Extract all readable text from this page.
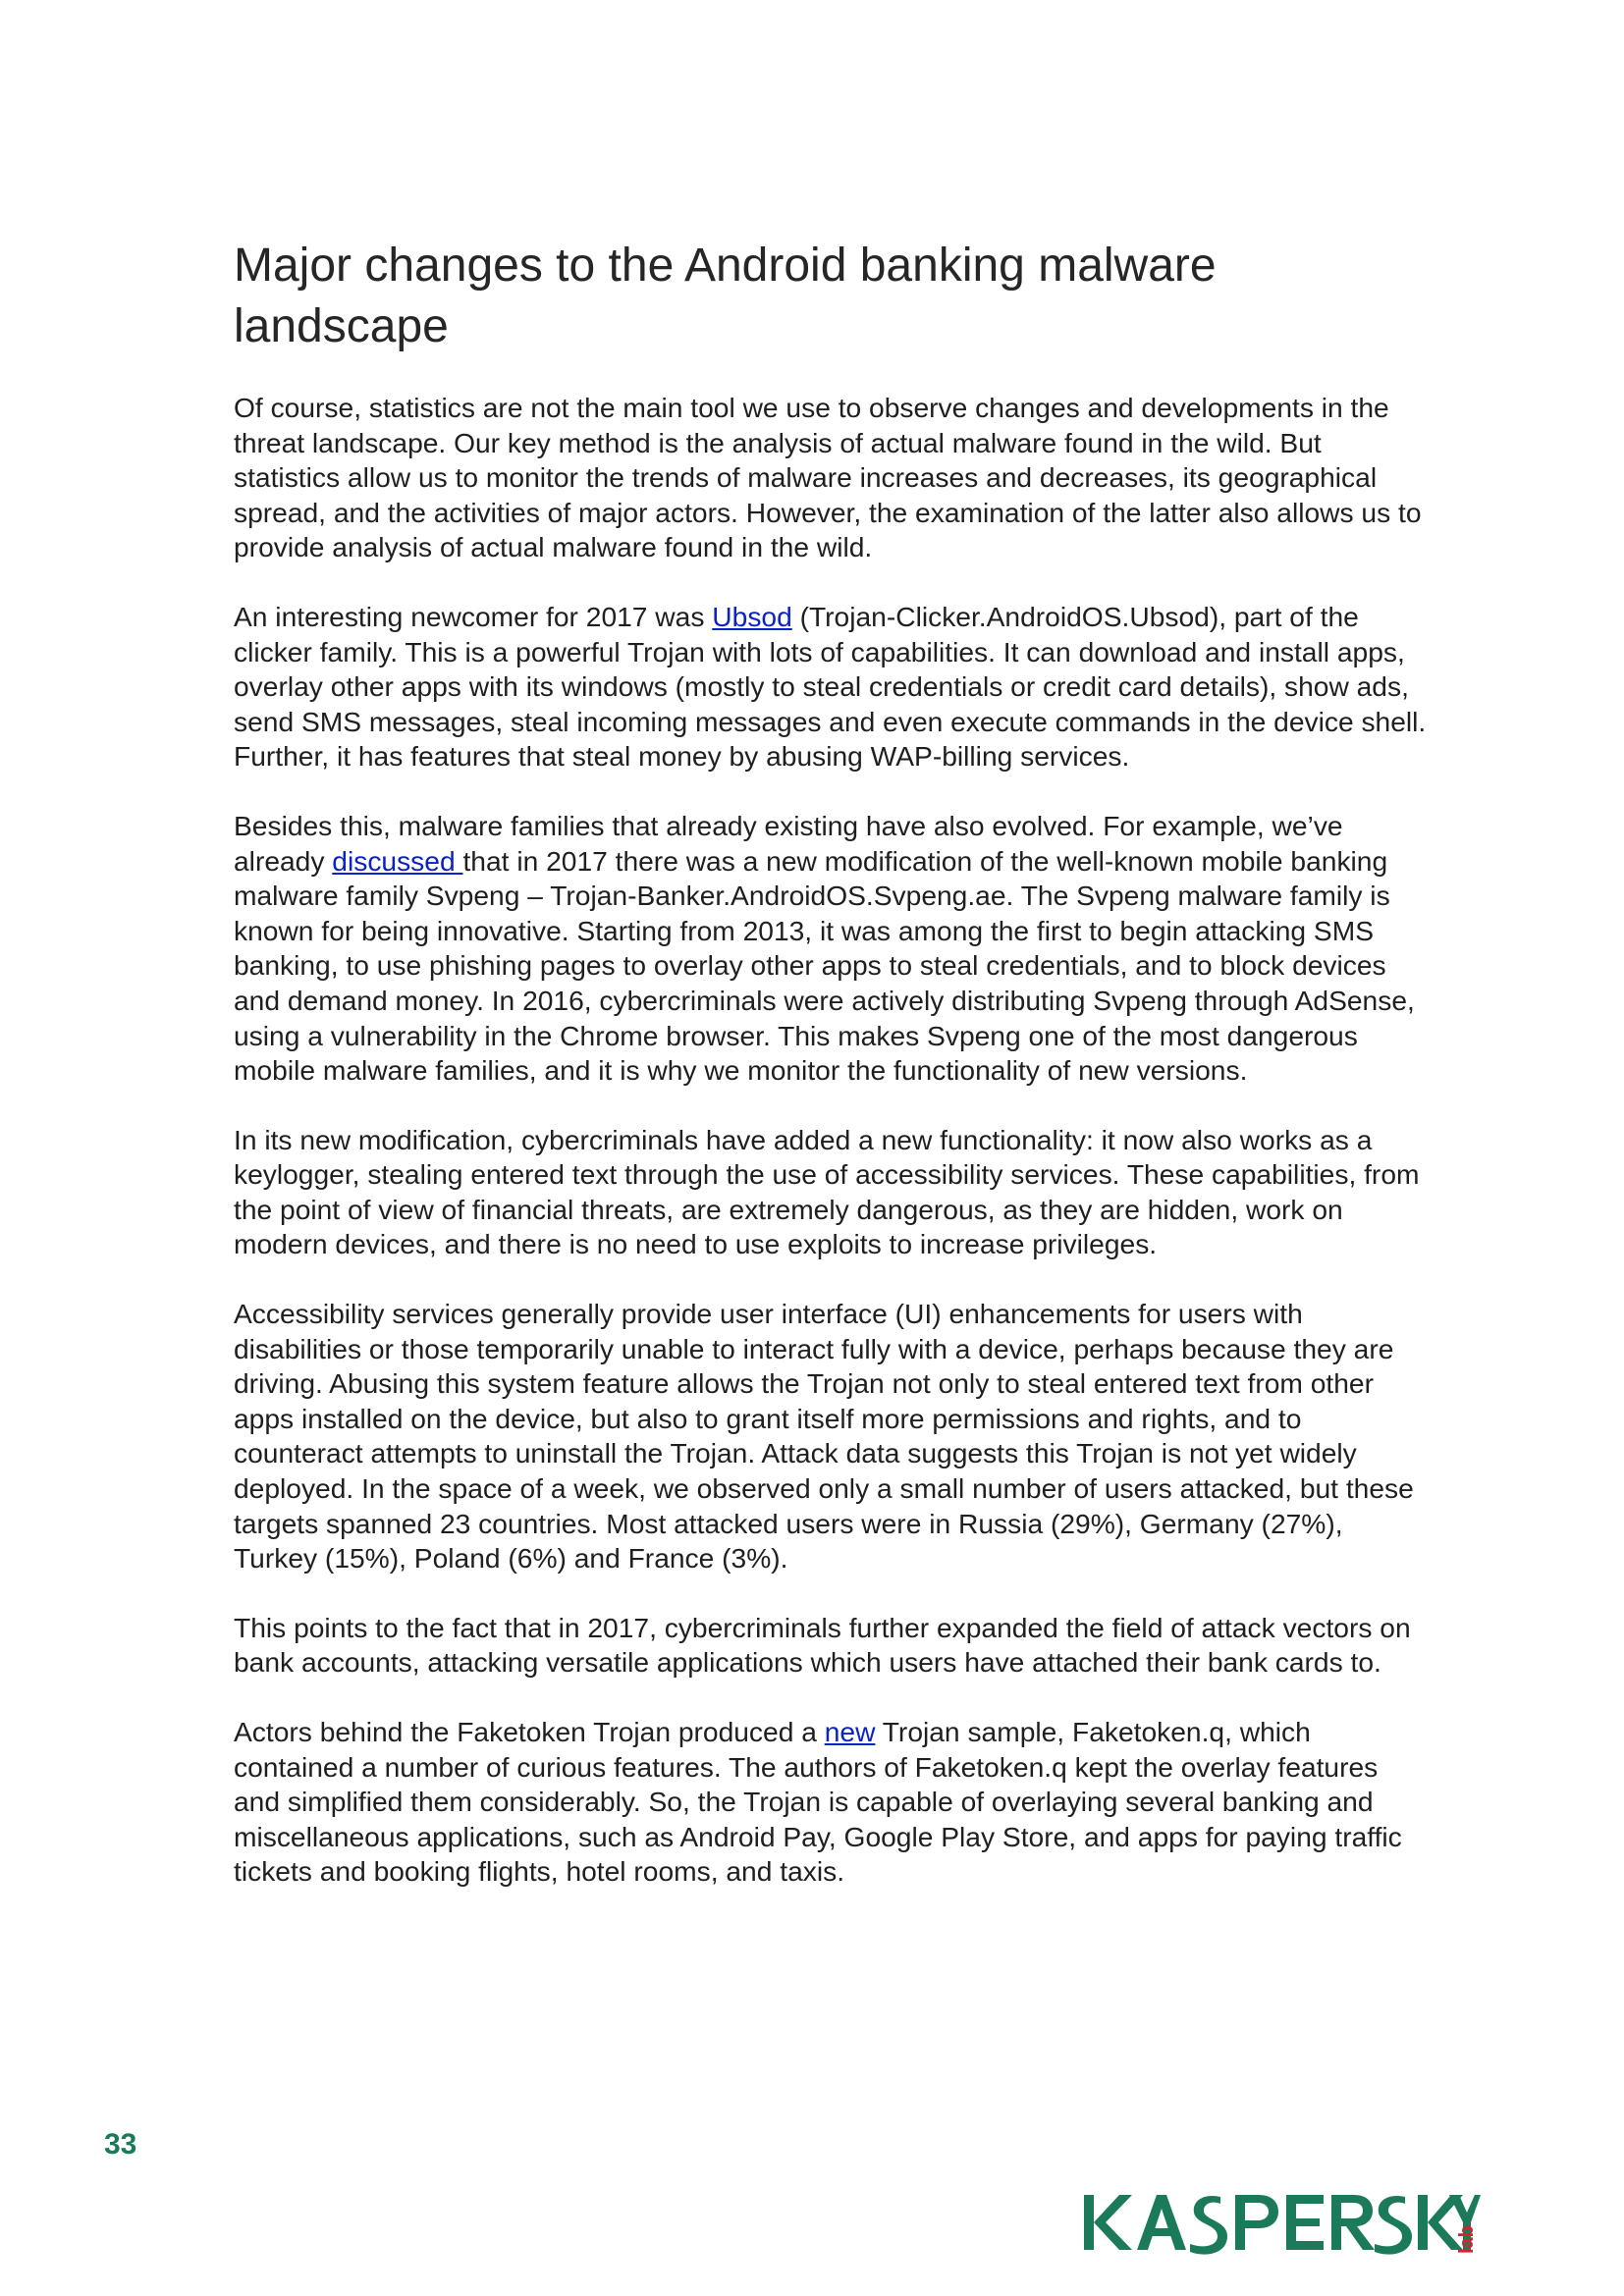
Major changes to the Android banking malware landscape

Of course, statistics are not the main tool we use to observe changes and developments in the threat landscape. Our key method is the analysis of actual malware found in the wild. But statistics allow us to monitor the trends of malware increases and decreases, its geographical spread, and the activities of major actors. However, the examination of the latter also allows us to provide analysis of actual malware found in the wild.

An interesting newcomer for 2017 was Ubsod (Trojan-Clicker.AndroidOS.Ubsod), part of the clicker family. This is a powerful Trojan with lots of capabilities. It can download and install apps, overlay other apps with its windows (mostly to steal credentials or credit card details), show ads, send SMS messages, steal incoming messages and even execute commands in the device shell. Further, it has features that steal money by abusing WAP-billing services.

Besides this, malware families that already existing have also evolved. For example, we’ve already discussed that in 2017 there was a new modification of the well-known mobile banking malware family Svpeng – Trojan-Banker.AndroidOS.Svpeng.ae. The Svpeng malware family is known for being innovative. Starting from 2013, it was among the first to begin attacking SMS banking, to use phishing pages to overlay other apps to steal credentials, and to block devices and demand money. In 2016, cybercriminals were actively distributing Svpeng through AdSense, using a vulnerability in the Chrome browser. This makes Svpeng one of the most dangerous mobile malware families, and it is why we monitor the functionality of new versions.

In its new modification, cybercriminals have added a new functionality: it now also works as a keylogger, stealing entered text through the use of accessibility services. These capabilities, from the point of view of financial threats, are extremely dangerous, as they are hidden, work on modern devices, and there is no need to use exploits to increase privileges.

Accessibility services generally provide user interface (UI) enhancements for users with disabilities or those temporarily unable to interact fully with a device, perhaps because they are driving. Abusing this system feature allows the Trojan not only to steal entered text from other apps installed on the device, but also to grant itself more permissions and rights, and to counteract attempts to uninstall the Trojan. Attack data suggests this Trojan is not yet widely deployed. In the space of a week, we observed only a small number of users attacked, but these targets spanned 23 countries. Most attacked users were in Russia (29%), Germany (27%), Turkey (15%), Poland (6%) and France (3%).

This points to the fact that in 2017, cybercriminals further expanded the field of attack vectors on bank accounts, attacking versatile applications which users have attached their bank cards to.

Actors behind the Faketoken Trojan produced a new Trojan sample, Faketoken.q, which contained a number of curious features. The authors of Faketoken.q kept the overlay features and simplified them considerably. So, the Trojan is capable of overlaying several banking and miscellaneous applications, such as Android Pay, Google Play Store, and apps for paying traffic tickets and booking flights, hotel rooms, and taxis.

33
lab
